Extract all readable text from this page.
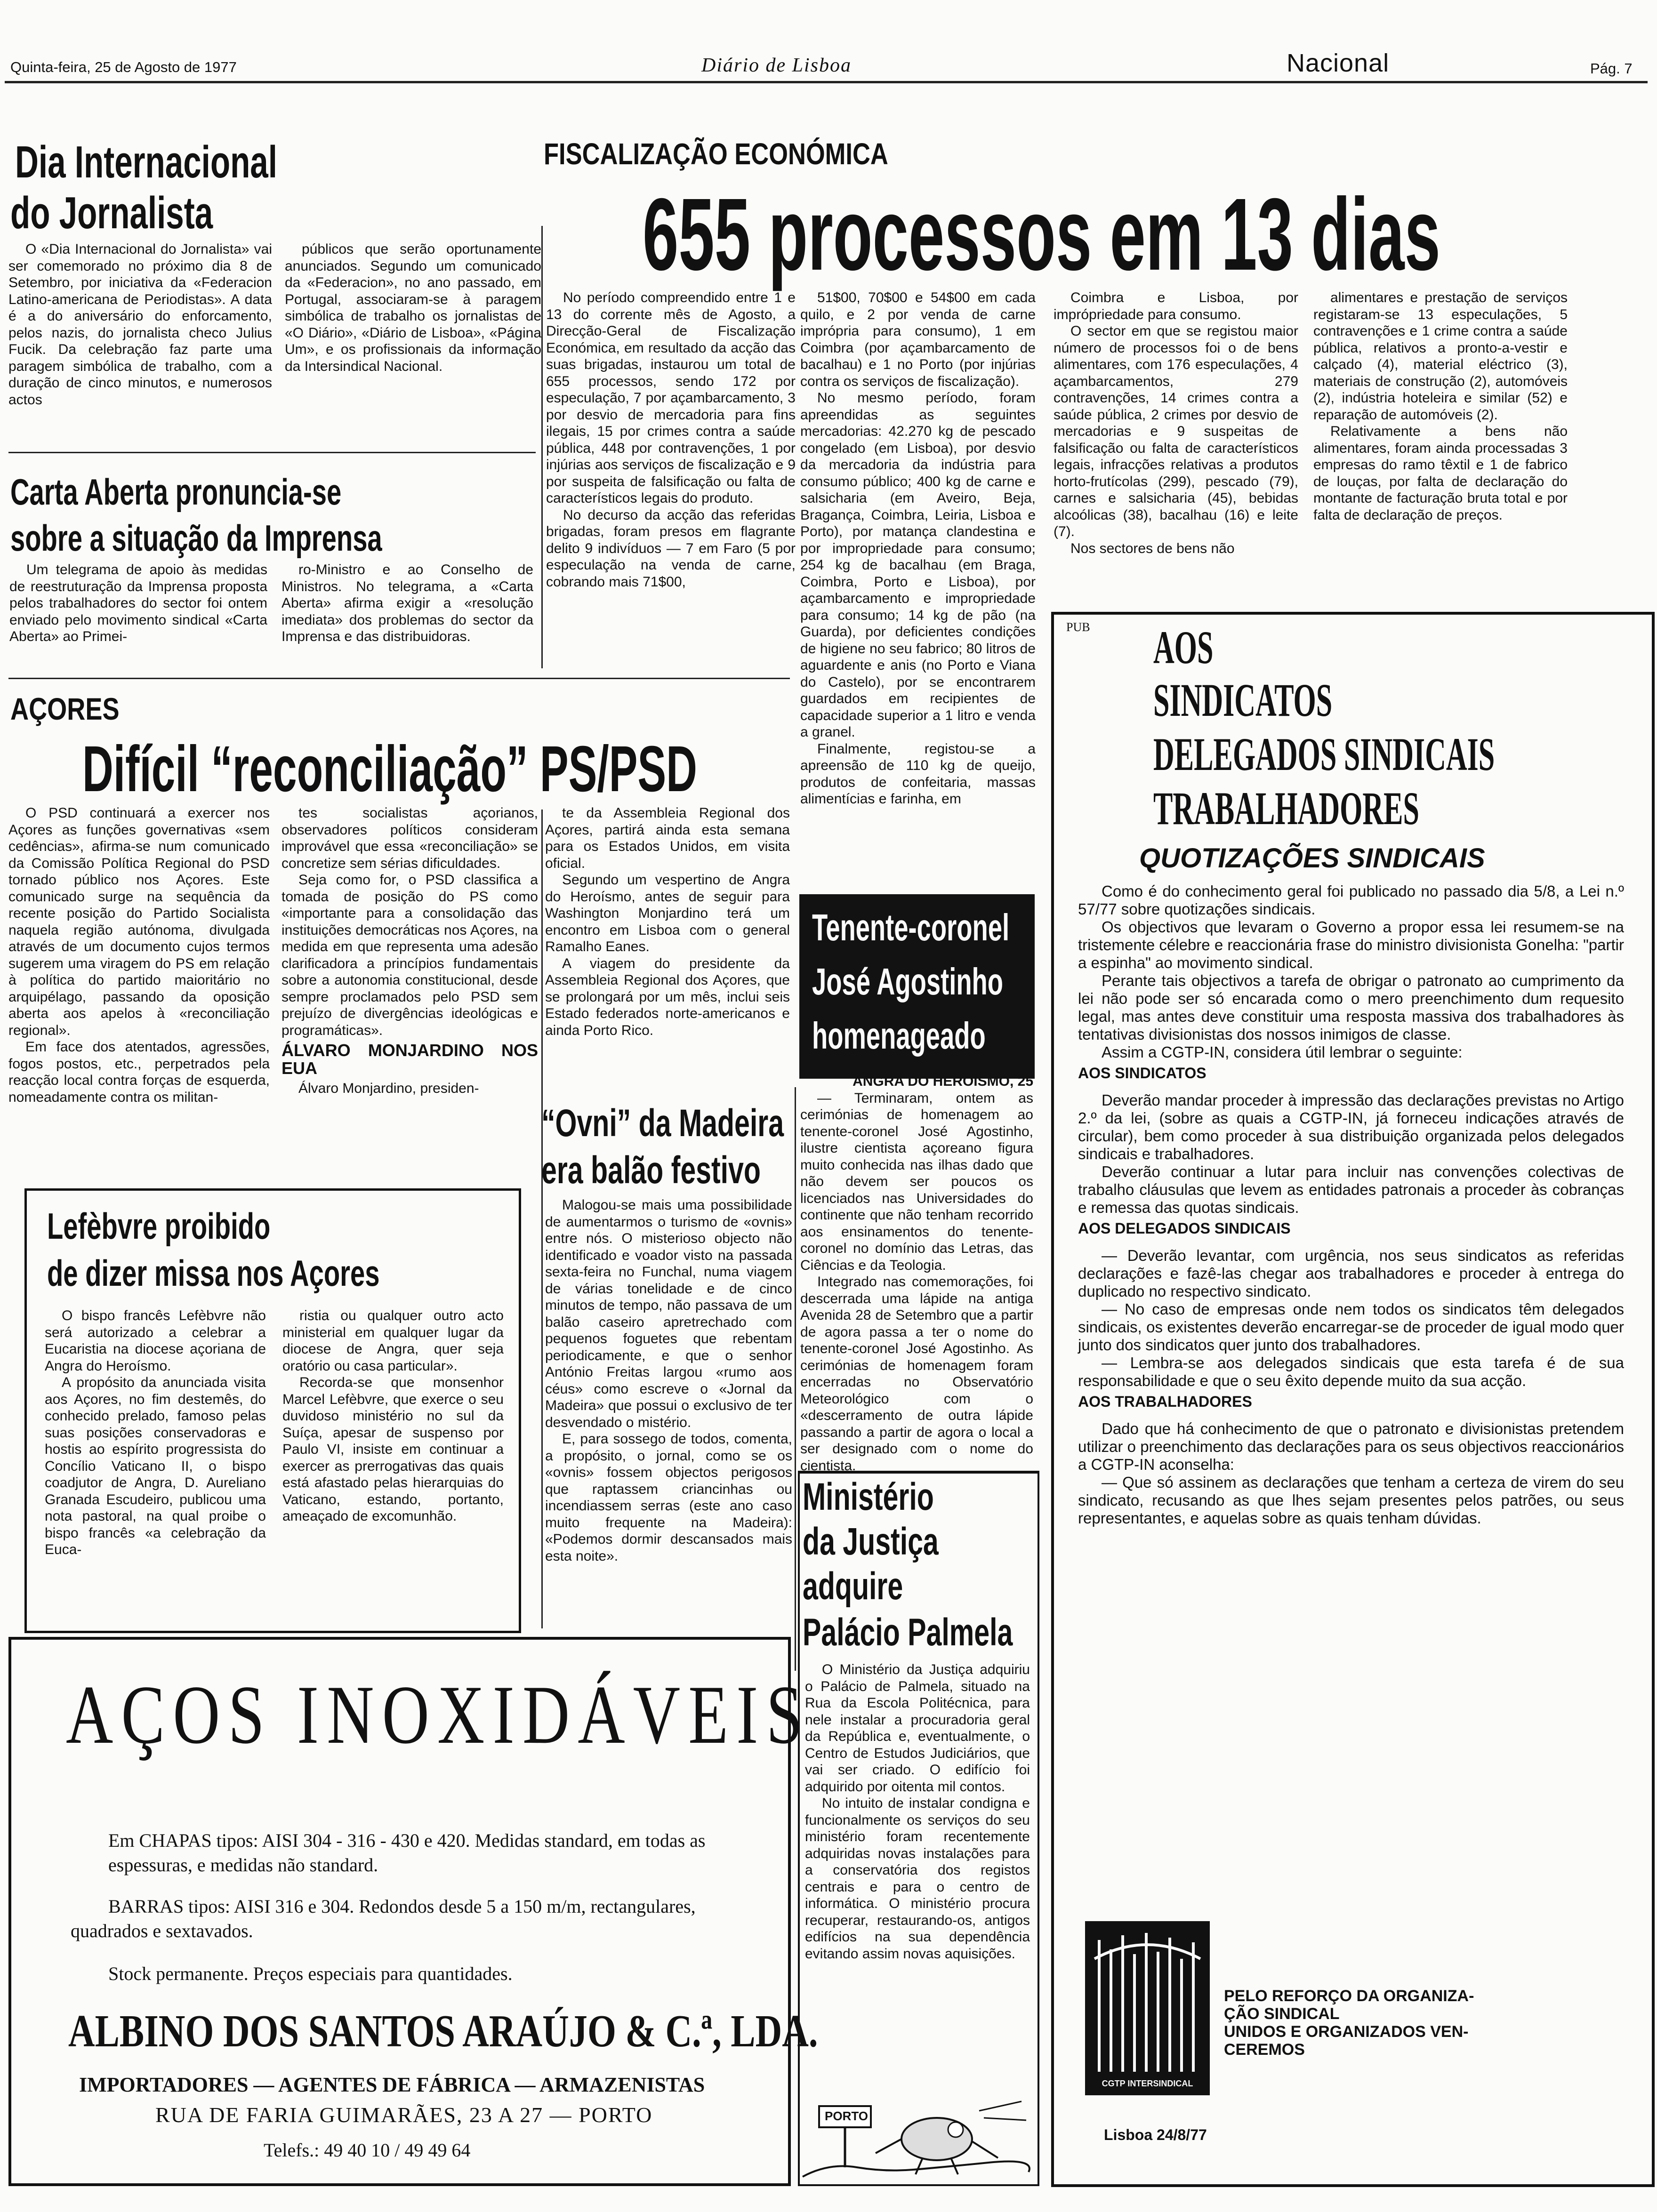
Quinta-feira, 25 de Agosto de 1977	Diário de Lisboa	Nacional	Pág. 7
Dia Internacional
do Jornalista

O «Dia Internacional do Jornalista» vai ser comemorado no próximo dia 8 de Setembro, por iniciativa da «Federacion Latino-americana de Periodistas». A data é a do aniversário do enforcamento, pelos nazis, do jornalista checo Julius Fucik. Da celebração faz parte uma paragem simbólica de trabalho, com a duração de cinco minutos, e numerosos actos

públicos que serão oportunamente anunciados. Segundo um comunicado da «Federacion», no ano passado, em Portugal, associaram-se à paragem simbólica de trabalho os jornalistas de «O Diário», «Diário de Lisboa», «Página Um», e os profissionais da informação da Intersindical Nacional.

Carta Aberta pronuncia-se
sobre a situação da Imprensa

Um telegrama de apoio às medidas de reestruturação da Imprensa proposta pelos trabalhadores do sector foi ontem enviado pelo movimento sindical «Carta Aberta» ao Primei-

ro-Ministro e ao Conselho de Ministros. No telegrama, a «Carta Aberta» afirma exigir a «resolução imediata» dos problemas do sector da Imprensa e das distribuidoras.

FISCALIZAÇÃO ECONÓMICA
655 processos em 13 dias

No período compreendido entre 1 e 13 do corrente mês de Agosto, a Direcção-Geral de Fiscalização Económica, em resultado da acção das suas brigadas, instaurou um total de 655 processos, sendo 172 por especulação, 7 por açambarcamento, 3 por desvio de mercadoria para fins ilegais, 15 por crimes contra a saúde pública, 448 por contravenções, 1 por injúrias aos serviços de fiscalização e 9 por suspeita de falsificação ou falta de característicos legais do produto.

No decurso da acção das referidas brigadas, foram presos em flagrante delito 9 indivíduos — 7 em Faro (5 por especulação na venda de carne, cobrando mais 71$00,

51$00, 70$00 e 54$00 em cada quilo, e 2 por venda de carne imprópria para consumo), 1 em Coimbra (por açambarcamento de bacalhau) e 1 no Porto (por injúrias contra os serviços de fiscalização).

No mesmo período, foram apreendidas as seguintes mercadorias: 42.270 kg de pescado congelado (em Lisboa), por desvio da mercadoria da indústria para consumo público; 400 kg de carne e salsicharia (em Aveiro, Beja, Bragança, Coimbra, Leiria, Lisboa e Porto), por matança clandestina e por impropriedade para consumo; 254 kg de bacalhau (em Braga, Coimbra, Porto e Lisboa), por açambarcamento e impropriedade para consumo; 14 kg de pão (na Guarda), por deficientes condições de higiene no seu fabrico; 80 litros de aguardente e anis (no Porto e Viana do Castelo), por se encontrarem guardados em recipientes de capacidade superior a 1 litro e venda a granel.

Finalmente, registou-se a apreensão de 110 kg de queijo, produtos de confeitaria, massas alimentícias e farinha, em

Coimbra e Lisboa, por imprópriedade para consumo.

O sector em que se registou maior número de processos foi o de bens alimentares, com 176 especulações, 4 açambarcamentos, 279 contravenções, 14 crimes contra a saúde pública, 2 crimes por desvio de mercadorias e 9 suspeitas de falsificação ou falta de característicos legais, infracções relativas a produtos horto-frutícolas (299), pescado (79), carnes e salsicharia (45), bebidas alcoólicas (38), bacalhau (16) e leite (7).

Nos sectores de bens não

alimentares e prestação de serviços registaram-se 13 especulações, 5 contravenções e 1 crime contra a saúde pública, relativos a pronto-a-vestir e calçado (4), material eléctrico (3), materiais de construção (2), automóveis (2), indústria hoteleira e similar (52) e reparação de automóveis (2).

Relativamente a bens não alimentares, foram ainda processadas 3 empresas do ramo têxtil e 1 de fabrico de louças, por falta de declaração do montante de facturação bruta total e por falta de declaração de preços.

AÇORES
Difícil “reconciliação” PS/PSD

O PSD continuará a exercer nos Açores as funções governativas «sem cedências», afirma-se num comunicado da Comissão Política Regional do PSD tornado público nos Açores. Este comunicado surge na sequência da recente posição do Partido Socialista naquela região autónoma, divulgada através de um documento cujos termos sugerem uma viragem do PS em relação à política do partido maioritário no arquipélago, passando da oposição aberta aos apelos à «reconciliação regional».

Em face dos atentados, agressões, fogos postos, etc., perpetrados pela reacção local contra forças de esquerda, nomeadamente contra os militan-

tes socialistas açorianos, observadores políticos consideram improvável que essa «reconciliação» se concretize sem sérias dificuldades.

Seja como for, o PSD classifica a tomada de posição do PS como «importante para a consolidação das instituições democráticas nos Açores, na medida em que representa uma adesão clarificadora a princípios fundamentais sobre a autonomia constitucional, desde sempre proclamados pelo PSD sem prejuízo de divergências ideológicas e programáticas».

ÁLVARO MONJARDINO NOS EUA

Álvaro Monjardino, presiden-

te da Assembleia Regional dos Açores, partirá ainda esta semana para os Estados Unidos, em visita oficial.

Segundo um vespertino de Angra do Heroísmo, antes de seguir para Washington Monjardino terá um encontro em Lisboa com o general Ramalho Eanes.

A viagem do presidente da Assembleia Regional dos Açores, que se prolongará por um mês, inclui seis Estado federados norte-americanos e ainda Porto Rico.

Lefèbvre proibido
de dizer missa nos Açores

O bispo francês Lefèbvre não será autorizado a celebrar a Eucaristia na diocese açoriana de Angra do Heroísmo.

A propósito da anunciada visita aos Açores, no fim destemês, do conhecido prelado, famoso pelas suas posições conservadoras e hostis ao espírito progressista do Concílio Vaticano II, o bispo coadjutor de Angra, D. Aureliano Granada Escudeiro, publicou uma nota pastoral, na qual proibe o bispo francês «a celebração da Euca-

ristia ou qualquer outro acto ministerial em qualquer lugar da diocese de Angra, quer seja oratório ou casa particular».

Recorda-se que monsenhor Marcel Lefèbvre, que exerce o seu duvidoso ministério no sul da Suíça, apesar de suspenso por Paulo VI, insiste em continuar a exercer as prerrogativas das quais está afastado pelas hierarquias do Vaticano, estando, portanto, ameaçado de excomunhão.

“Ovni” da Madeira
era balão festivo

Malogou-se mais uma possibilidade de aumentarmos o turismo de «ovnis» entre nós. O misterioso objecto não identificado e voador visto na passada sexta-feira no Funchal, numa viagem de várias tonelidade e de cinco minutos de tempo, não passava de um balão caseiro apretrechado com pequenos foguetes que rebentam periodicamente, e que o senhor António Freitas largou «rumo aos céus» como escreve o «Jornal da Madeira» que possui o exclusivo de ter desvendado o mistério.

E, para sossego de todos, comenta, a propósito, o jornal, como se os «ovnis» fossem objectos perigosos que raptassem criancinhas ou incendiassem serras (este ano caso muito frequente na Madeira): «Podemos dormir descansados mais esta noite».

Tenente-coronel
José Agostinho
homenageado
ANGRA DO HEROÍSMO, 25

— Terminaram, ontem as cerimónias de homenagem ao tenente-coronel José Agostinho, ilustre cientista açoreano figura muito conhecida nas ilhas dado que não devem ser poucos os licenciados nas Universidades do continente que não tenham recorrido aos ensinamentos do tenente-coronel no domínio das Letras, das Ciências e da Teologia.

Integrado nas comemorações, foi descerrada uma lápide na antiga Avenida 28 de Setembro que a partir de agora passa a ter o nome do tenente-coronel José Agostinho. As cerimónias de homenagem foram encerradas no Observatório Meteorológico com o «descerramento de outra lápide passando a partir de agora o local a ser designado com o nome do cientista.

Ministério
da Justiça
adquire
Palácio Palmela

O Ministério da Justiça adquiriu o Palácio de Palmela, situado na Rua da Escola Politécnica, para nele instalar a procuradoria geral da República e, eventualmente, o Centro de Estudos Judiciários, que vai ser criado. O edifício foi adquirido por oitenta mil contos.

No intuito de instalar condigna e funcionalmente os serviços do seu ministério foram recentemente adquiridas novas instalações para a conservatória dos registos centrais e para o centro de informática. O ministério procura recuperar, restaurando-os, antigos edifícios na sua dependência evitando assim novas aquisições.

PORTO
AÇOS INOXIDÁVEIS
Em CHAPAS tipos: AISI 304 - 316 - 430 e 420. Medidas standard, em todas as espessuras, e medidas não standard.
BARRAS tipos: AISI 316 e 304. Redondos desde 5 a 150 m/m, rectangulares, quadrados e sextavados.
Stock permanente. Preços especiais para quantidades.
ALBINO DOS SANTOS ARAÚJO & C.ª, LDA.
IMPORTADORES — AGENTES DE FÁBRICA — ARMAZENISTAS
RUA DE FARIA GUIMARÃES, 23 A 27 — PORTO
Telefs.: 49 40 10 / 49 49 64
PUB AOS
SINDICATOS
DELEGADOS SINDICAIS
TRABALHADORES
QUOTIZAÇÕES SINDICAIS

Como é do conhecimento geral foi publicado no passado dia 5/8, a Lei n.º 57/77 sobre quotizações sindicais.

Os objectivos que levaram o Governo a propor essa lei resumem-se na tristemente célebre e reaccionária frase do ministro divisionista Gonelha: "partir a espinha" ao movimento sindical.

Perante tais objectivos a tarefa de obrigar o patronato ao cumprimento da lei não pode ser só encarada como o mero preenchimento dum requesito legal, mas antes deve constituir uma resposta massiva dos trabalhadores às tentativas divisionistas dos nossos inimigos de classe.

Assim a CGTP-IN, considera útil lembrar o seguinte:

AOS SINDICATOS

Deverão mandar proceder à impressão das declarações previstas no Artigo 2.º da lei, (sobre as quais a CGTP-IN, já forneceu indicações através de circular), bem como proceder à sua distribuição organizada pelos delegados sindicais e trabalhadores.

Deverão continuar a lutar para incluir nas convenções colectivas de trabalho cláusulas que levem as entidades patronais a proceder às cobranças e remessa das quotas sindicais.

AOS DELEGADOS SINDICAIS

— Deverão levantar, com urgência, nos seus sindicatos as referidas declarações e fazê-las chegar aos trabalhadores e proceder à entrega do duplicado no respectivo sindicato.

— No caso de empresas onde nem todos os sindicatos têm delegados sindicais, os existentes deverão encarregar-se de proceder de igual modo quer junto dos sindicatos quer junto dos trabalhadores.

— Lembra-se aos delegados sindicais que esta tarefa é de sua responsabilidade e que o seu êxito depende muito da sua acção.

AOS TRABALHADORES

Dado que há conhecimento de que o patronato e divisionistas pretendem utilizar o preenchimento das declarações para os seus objectivos reaccionários a CGTP-IN aconselha:

— Que só assinem as declarações que tenham a certeza de virem do seu sindicato, recusando as que lhes sejam presentes pelos patrões, ou seus representantes, e aquelas sobre as quais tenham dúvidas.

CGTP INTERSINDICAL
PELO REFORÇO DA ORGANIZA-
ÇÃO SINDICAL
UNIDOS E ORGANIZADOS VEN-
CEREMOS
Lisboa 24/8/77
